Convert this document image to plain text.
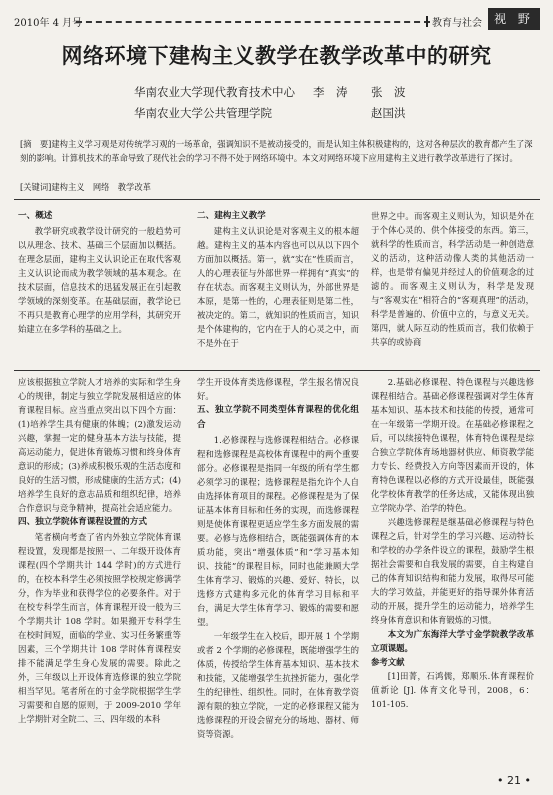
2010年 4 月号	教育与社会	视 野
网络环境下建构主义教学在教学改革中的研究
华南农业大学现代教育技术中心
华南农业大学公共管理学院
李　涛 张　波
赵国洪
[摘　要]建构主义学习观是对传统学习观的一场革命，强调知识不是被动接受的，而是认知主体积极建构的，这对各种层次的教育都产生了深刻的影响。计算机技术的革命导致了现代社会的学习不得不处于网络环境中。本文对网络环境下应用建构主义进行教学改革进行了探讨。
[关键词]建构主义　网络　教学改革
一、概述

教学研究或教学设计研究的一般趋势可以从理念、技术、基础三个层面加以概括。在理念层面，建构主义认识论正在取代客观主义认识论而成为教学领域的基本观念。在技术层面，信息技术的迅猛发展正在引起教学领域的深刻变革。在基础层面，教学论已不再只是教育心理学的应用学科，其研究开始建立在多学科的基础之上。

二、建构主义教学

建构主义认识论是对客观主义的根本超越。建构主义的基本内容也可以从以下四个方面加以概括。第一，就“实在”性质而言，人的心理表征与外部世界一样拥有“真实”的存在状态。而客观主义则认为，外部世界是本原，是第一性的，心理表征则是第二性，被决定的。第二，就知识的性质而言，知识是个体建构的，它内在于人的心灵之中，而不是外在于

世界之中。而客观主义则认为，知识是外在于个体心灵的、供个体接受的东西。第三，就科学的性质而言，科学活动是一种创造意义的活动，这种活动像人类的其他活动一样，也是带有偏见并经过人的价值观念的过滤的。而客观主义则认为，科学是发现与“客观实在”相符合的“客观真理”的活动，科学是普遍的、价值中立的，与意义无关。第四，就人际互动的性质而言，我们依赖于共享的或协商

应该根据独立学院人才培养的实际和学生身心的规律，制定与独立学院发展相适应的体育课程目标。应当重点突出以下四个方面：(1)培养学生具有健康的体魄；(2)激发运动兴趣，掌握一定的健身基本方法与技能，提高运动能力，促进体育锻炼习惯和终身体育意识的形成；(3)养成积极乐观的生活态度和良好的生活习惯，形成健康的生活方式；(4)培养学生良好的意志品质和组织纪律，培养合作意识与竞争精神，提高社会适应能力。

四、独立学院体育课程设置的方式

笔者横向考查了省内外独立学院体育课程设置，发现都是按照一、二年级开设体育课程(四个学期共计 144 学时)的方式进行的，在校本科学生必须按照学校规定修满学分，作为毕业和获得学位的必要条件。对于在校专科学生而言，体育课程开设一般为三个学期共计 108 学时。如果搬开专科学生在校时间短，面临的学业、实习任务繁重等因素，三个学期共计 108 学时体育课程安排不能满足学生身心发展的需要。除此之外，三年级以上开设体育选修课的独立学院相当罕见。笔者所在的寸金学院根据学生学习需要和自愿的原则，于 2009-2010 学年上学期针对全院二、三、四年级的本科

学生开设体育类选修课程，学生报名情况良好。

五、独立学院不同类型体育课程的优化组合

1.必修课程与选修课程相结合。必修课程和选修课程是高校体育课程中的两个重要部分。必修课程是指同一年级的所有学生都必须学习的课程；选修课程是指允许个人自由选择体育项目的课程。必修课程是为了保证基本体育目标和任务的实现，而选修课程则是使体育课程更适应学生多方面发展的需要。必修与选修相结合，既能强调体育的本质功能，突出“增强体质”和“学习基本知识、技能”的课程目标，同时也能兼顾大学生体育学习、锻炼的兴趣、爱好、特长，以选修方式建构多元化的体育学习目标和平台，满足大学生体育学习、锻炼的需要和愿望。

一年级学生在入校后，即开展 1 个学期或者 2 个学期的必修课程，既能增强学生的体质，传授给学生体育基本知识、基本技术和技能，又能增强学生抗挫折能力，强化学生的纪律性、组织性。同时，在体育教学资源有限的独立学院，一定的必修课程又能为选修课程的开设会留充分的场地、器材、师资等资源。

2.基础必修课程、特色课程与兴趣选修课程相结合。基础必修课程强调对学生体育基本知识、基本技术和技能的传授，通常可在一年级第一学期开设。在基础必修课程之后，可以续接特色课程，体育特色课程是综合独立学院体育场地器材供应、师资教学能力专长、经费投入方向等因素而开设的，体育特色课程以必修的方式开设最佳，既能强化学校体育教学的任务达成，又能体现出独立学院办学、治学的特色。

兴趣选修课程是继基础必修课程与特色课程之后，针对学生的学习兴趣、运动特长和学校的办学条件设立的课程，鼓励学生根据社会需要和自我发展的需要，自主构建自己的体育知识结构和能力发展，取得尽可能大的学习效益，并能更好的指导课外体育活动的开展，提升学生的运动能力，培养学生终身体育意识和体育锻炼的习惯。

本文为广东海洋大学寸金学院教学改革立项课题。

参考文献

[1]田菁，石鸿儒，郑顺乐.体育课程价值新论 [J]. 体育文化导刊，2008，6：101-105.

• 21 •
